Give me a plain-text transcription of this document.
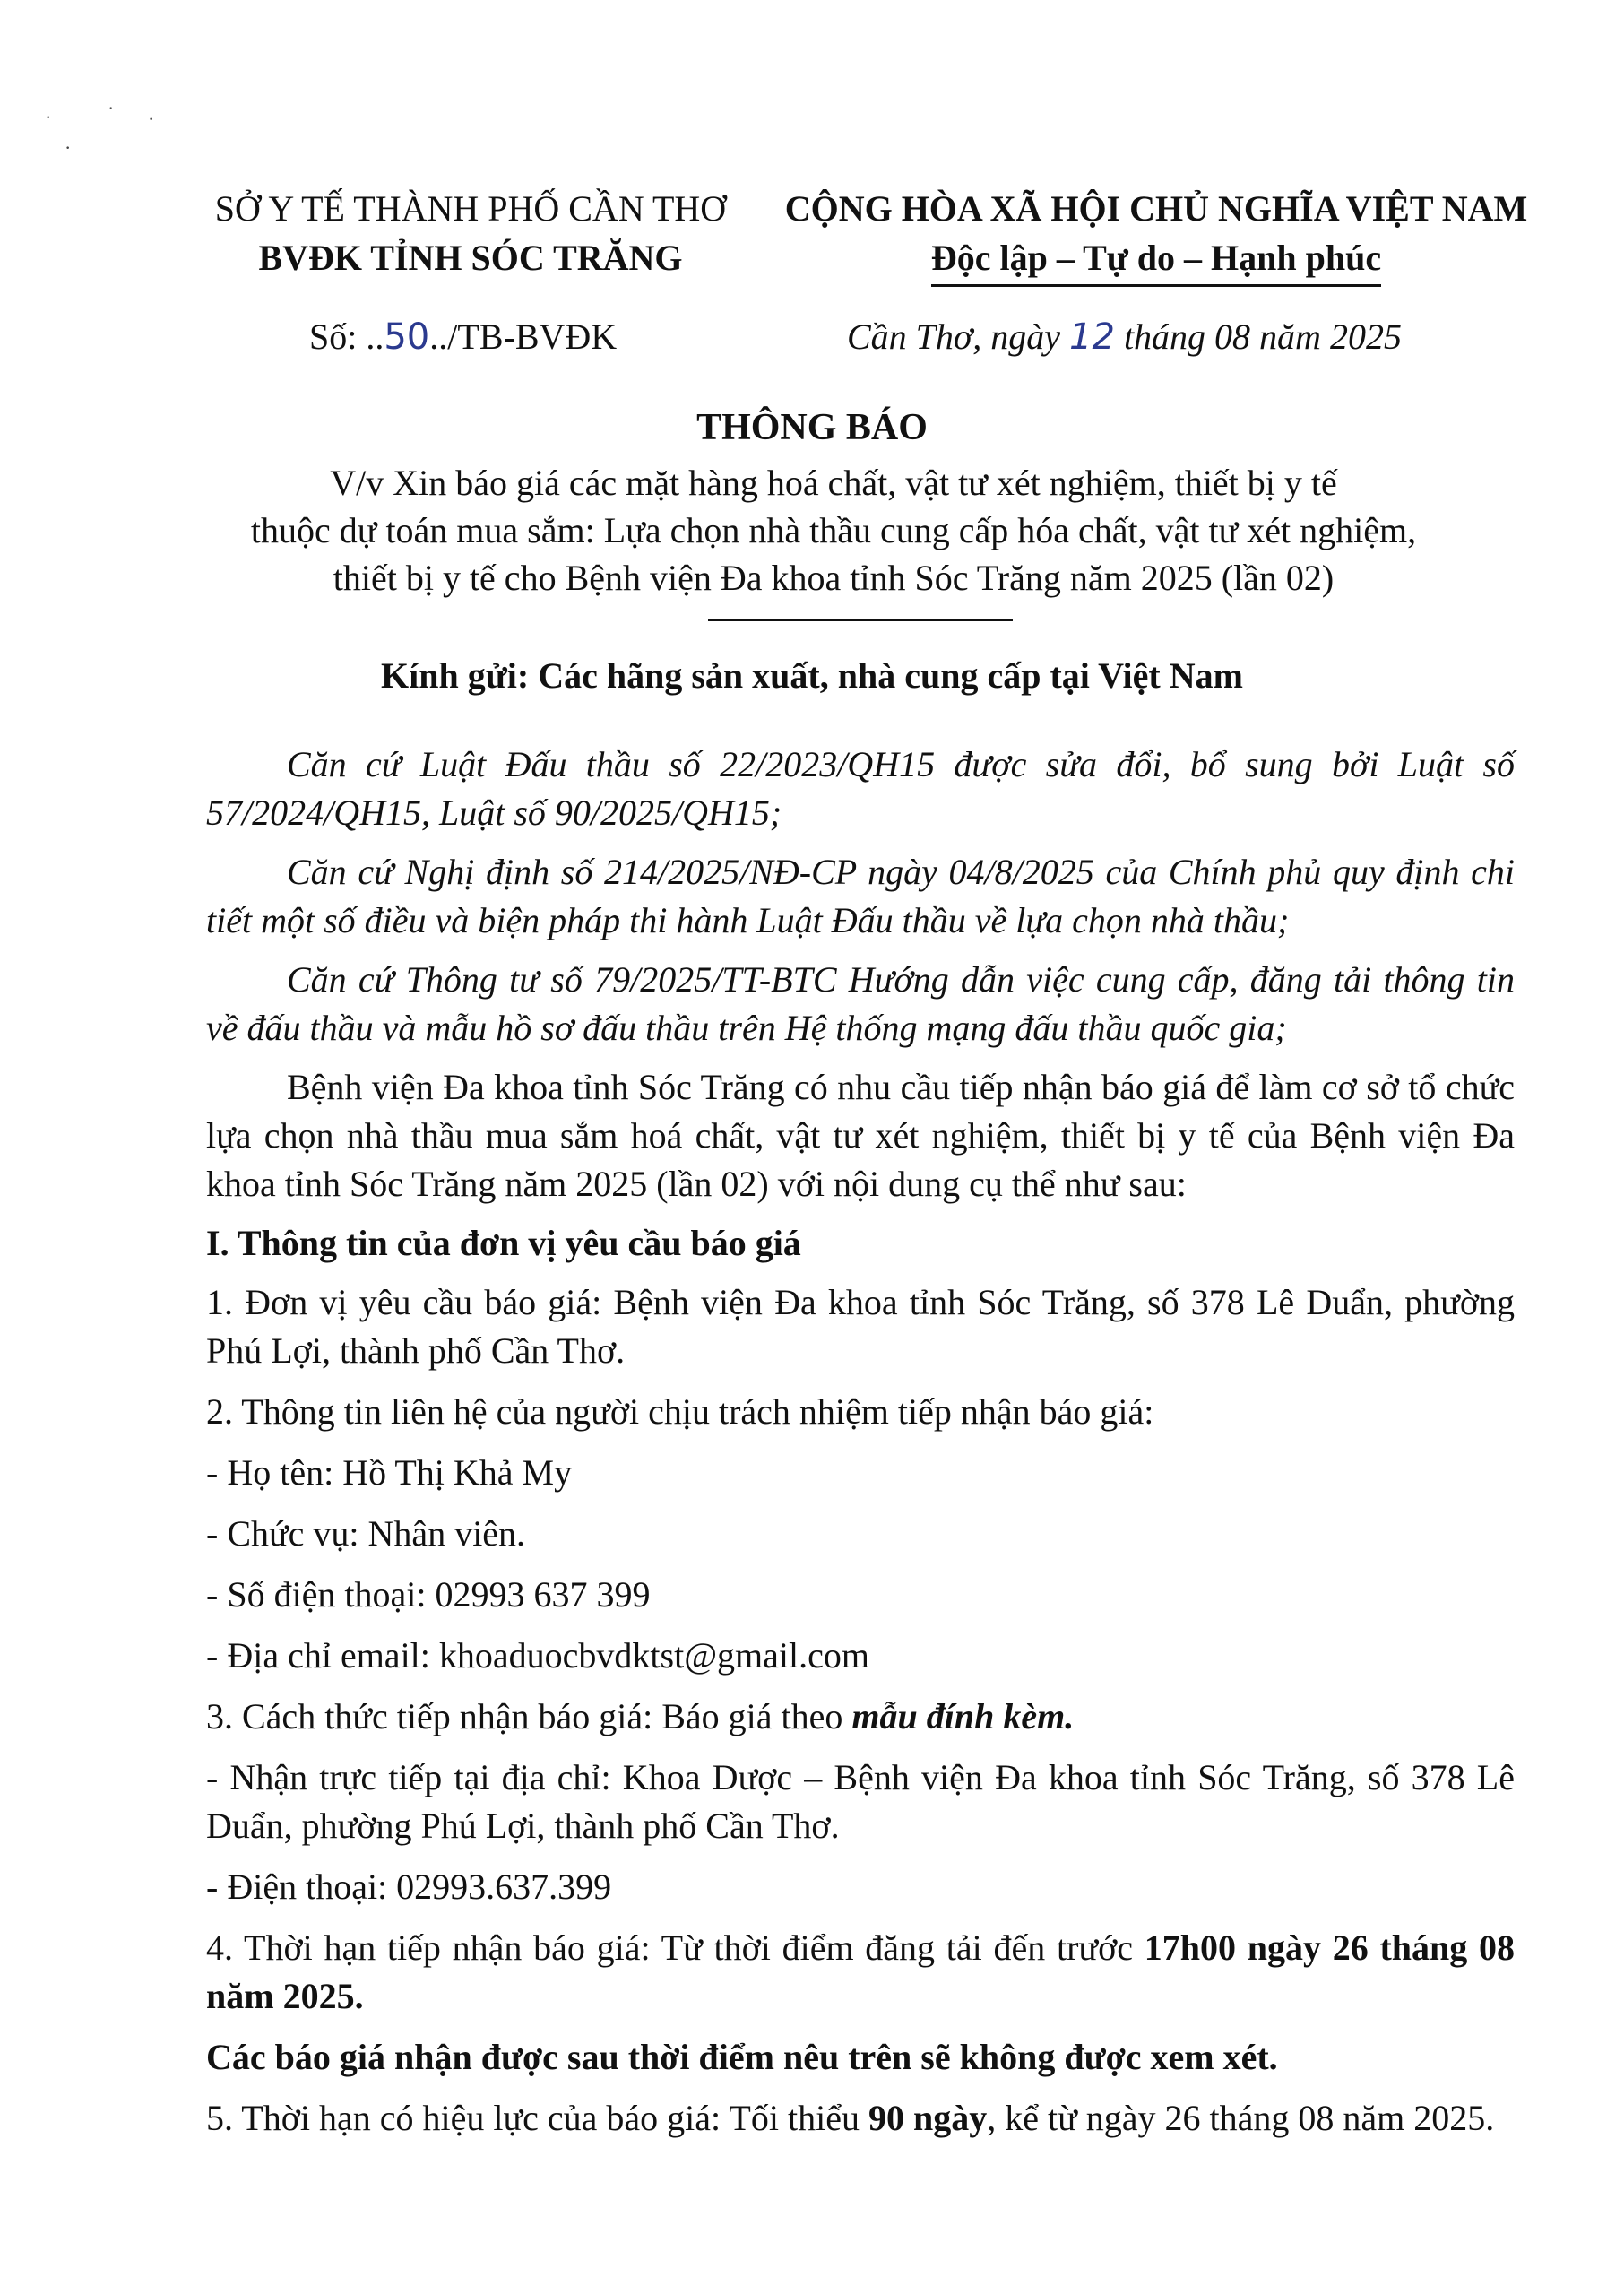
·	· ·
·
SỞ Y TẾ THÀNH PHỐ CẦN THƠ
BVĐK TỈNH SÓC TRĂNG
CỘNG HÒA XÃ HỘI CHỦ NGHĨA VIỆT NAM
Độc lập – Tự do – Hạnh phúc
Số: ..50../TB-BVĐK	Cần Thơ, ngày 12 tháng 08 năm 2025
THÔNG BÁO
V/v Xin báo giá các mặt hàng hoá chất, vật tư xét nghiệm, thiết bị y tế
thuộc dự toán mua sắm: Lựa chọn nhà thầu cung cấp hóa chất, vật tư xét nghiệm,
thiết bị y tế cho Bệnh viện Đa khoa tỉnh Sóc Trăng năm 2025 (lần 02)
Kính gửi: Các hãng sản xuất, nhà cung cấp tại Việt Nam

Căn cứ Luật Đấu thầu số 22/2023/QH15 được sửa đổi, bổ sung bởi Luật số 57/2024/QH15, Luật số 90/2025/QH15;

Căn cứ Nghị định số 214/2025/NĐ-CP ngày 04/8/2025 của Chính phủ quy định chi tiết một số điều và biện pháp thi hành Luật Đấu thầu về lựa chọn nhà thầu;

Căn cứ Thông tư số 79/2025/TT-BTC Hướng dẫn việc cung cấp, đăng tải thông tin về đấu thầu và mẫu hồ sơ đấu thầu trên Hệ thống mạng đấu thầu quốc gia;

Bệnh viện Đa khoa tỉnh Sóc Trăng có nhu cầu tiếp nhận báo giá để làm cơ sở tổ chức lựa chọn nhà thầu mua sắm hoá chất, vật tư xét nghiệm, thiết bị y tế của Bệnh viện Đa khoa tỉnh Sóc Trăng năm 2025 (lần 02) với nội dung cụ thể như sau:

I. Thông tin của đơn vị yêu cầu báo giá

1. Đơn vị yêu cầu báo giá: Bệnh viện Đa khoa tỉnh Sóc Trăng, số 378 Lê Duẩn, phường Phú Lợi, thành phố Cần Thơ.

2. Thông tin liên hệ của người chịu trách nhiệm tiếp nhận báo giá:

- Họ tên: Hồ Thị Khả My

- Chức vụ: Nhân viên.

- Số điện thoại: 02993 637 399

- Địa chỉ email: khoaduocbvdktst@gmail.com

3. Cách thức tiếp nhận báo giá: Báo giá theo mẫu đính kèm.

- Nhận trực tiếp tại địa chỉ: Khoa Dược – Bệnh viện Đa khoa tỉnh Sóc Trăng, số 378 Lê Duẩn, phường Phú Lợi, thành phố Cần Thơ.

- Điện thoại: 02993.637.399

4. Thời hạn tiếp nhận báo giá: Từ thời điểm đăng tải đến trước 17h00 ngày 26 tháng 08 năm 2025.

Các báo giá nhận được sau thời điểm nêu trên sẽ không được xem xét.

5. Thời hạn có hiệu lực của báo giá: Tối thiểu 90 ngày, kể từ ngày 26 tháng 08 năm 2025.
